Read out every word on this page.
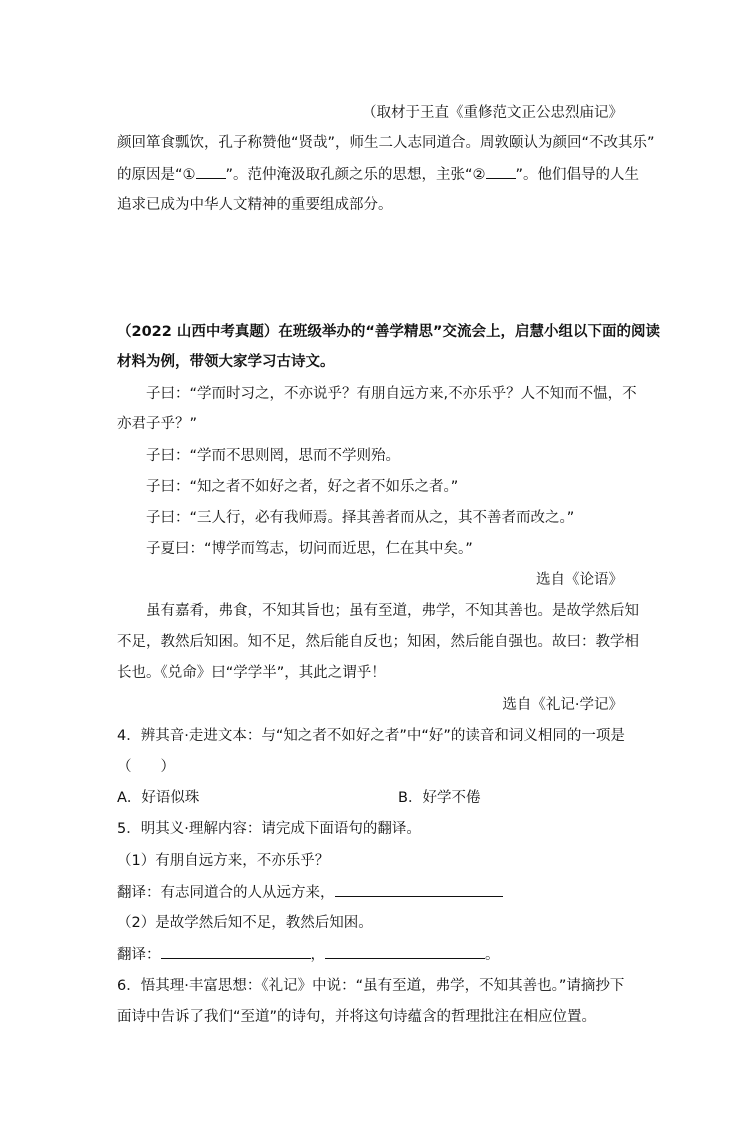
（取材于王直《重修范文正公忠烈庙记》
颜回箪食瓢饮，孔子称赞他“贤哉”，师生二人志同道合。周敦颐认为颜回“不改其乐”
的原因是“① ”。范仲淹汲取孔颜之乐的思想，主张“② ”。他们倡导的人生
追求已成为中华人文精神的重要组成部分。
（2022 山西中考真题）在班级举办的“善学精思”交流会上，启慧小组以下面的阅读
材料为例，带领大家学习古诗文。
子曰：“学而时习之，不亦说乎？有朋自远方来,不亦乐乎？人不知而不愠，不
亦君子乎？”
子曰：“学而不思则罔，思而不学则殆。
子曰：“知之者不如好之者，好之者不如乐之者。”
子曰：“三人行，必有我师焉。择其善者而从之，其不善者而改之。”
子夏曰：“博学而笃志，切问而近思，仁在其中矣。”
选自《论语》
虽有嘉肴，弗食，不知其旨也；虽有至道，弗学，不知其善也。是故学然后知
不足，教然后知困。知不足，然后能自反也；知困，然后能自强也。故曰：教学相
长也。《兑命》曰“学学半”，其此之谓乎！
选自《礼记·学记》
4．辨其音·走进文本：与“知之者不如好之者”中“好”的读音和词义相同的一项是
（　　）
A．好语似珠	B．好学不倦
5．明其义·理解内容：请完成下面语句的翻译。
（1）有朋自远方来，不亦乐乎？
翻译：有志同道合的人从远方来，
（2）是故学然后知不足，教然后知困。
翻译：	，	。
6．悟其理·丰富思想：《礼记》中说：“虽有至道，弗学，不知其善也。”请摘抄下
面诗中告诉了我们“至道”的诗句，并将这句诗蕴含的哲理批注在相应位置。
